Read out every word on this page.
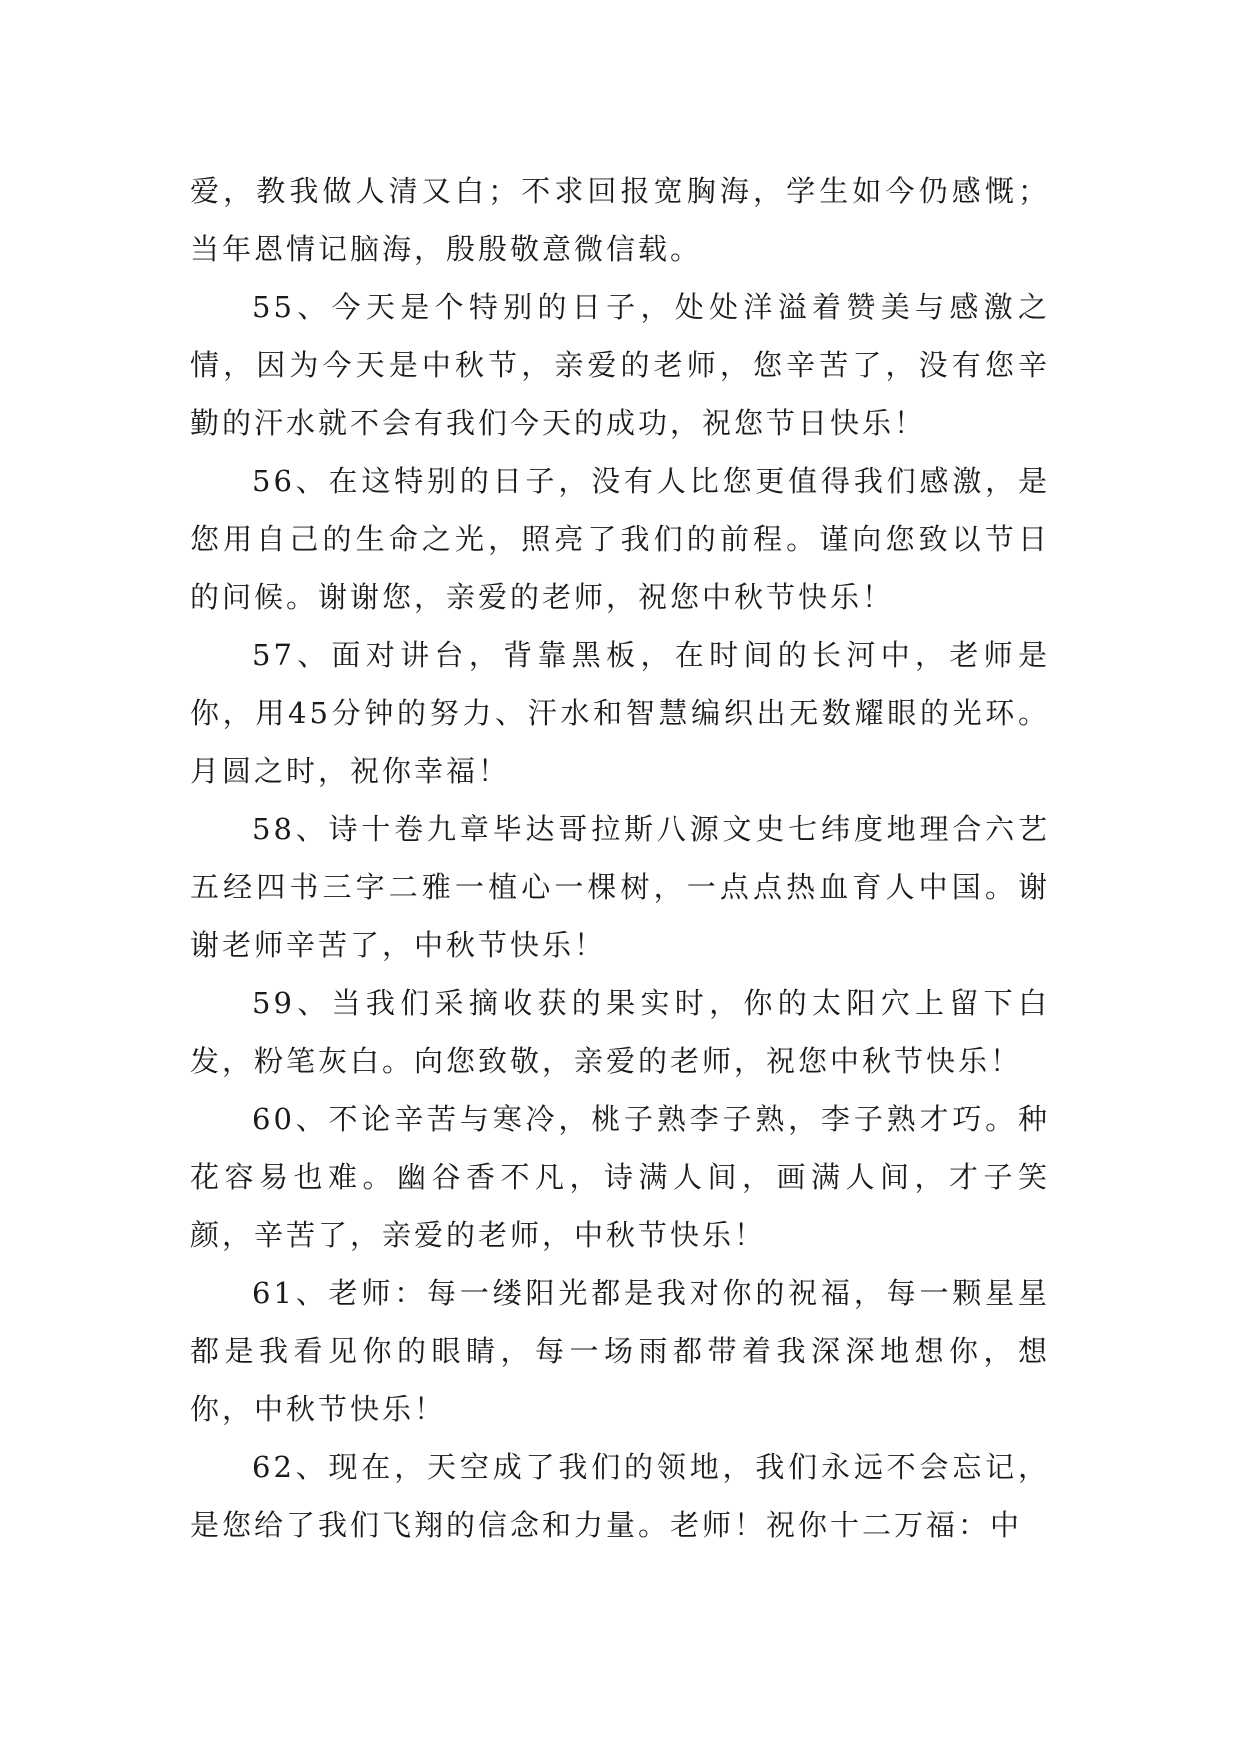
爱，教我做人清又白；不求回报宽胸海，学生如今仍感慨；当年恩情记脑海，殷殷敬意微信载。

55、今天是个特别的日子，处处洋溢着赞美与感激之情，因为今天是中秋节，亲爱的老师，您辛苦了，没有您辛勤的汗水就不会有我们今天的成功，祝您节日快乐！

56、在这特别的日子，没有人比您更值得我们感激，是您用自己的生命之光，照亮了我们的前程。谨向您致以节日的问候。谢谢您，亲爱的老师，祝您中秋节快乐！

57、面对讲台，背靠黑板，在时间的长河中，老师是你，用45分钟的努力、汗水和智慧编织出无数耀眼的光环。月圆之时，祝你幸福！

58、诗十卷九章毕达哥拉斯八源文史七纬度地理合六艺五经四书三字二雅一植心一棵树，一点点热血育人中国。谢谢老师辛苦了，中秋节快乐！

59、当我们采摘收获的果实时，你的太阳穴上留下白发，粉笔灰白。向您致敬，亲爱的老师，祝您中秋节快乐！

60、不论辛苦与寒冷，桃子熟李子熟，李子熟才巧。种花容易也难。幽谷香不凡，诗满人间，画满人间，才子笑颜，辛苦了，亲爱的老师，中秋节快乐！

61、老师：每一缕阳光都是我对你的祝福，每一颗星星都是我看见你的眼睛，每一场雨都带着我深深地想你，想你，中秋节快乐！

62、现在，天空成了我们的领地，我们永远不会忘记，是您给了我们飞翔的信念和力量。老师！祝你十二万福：中
